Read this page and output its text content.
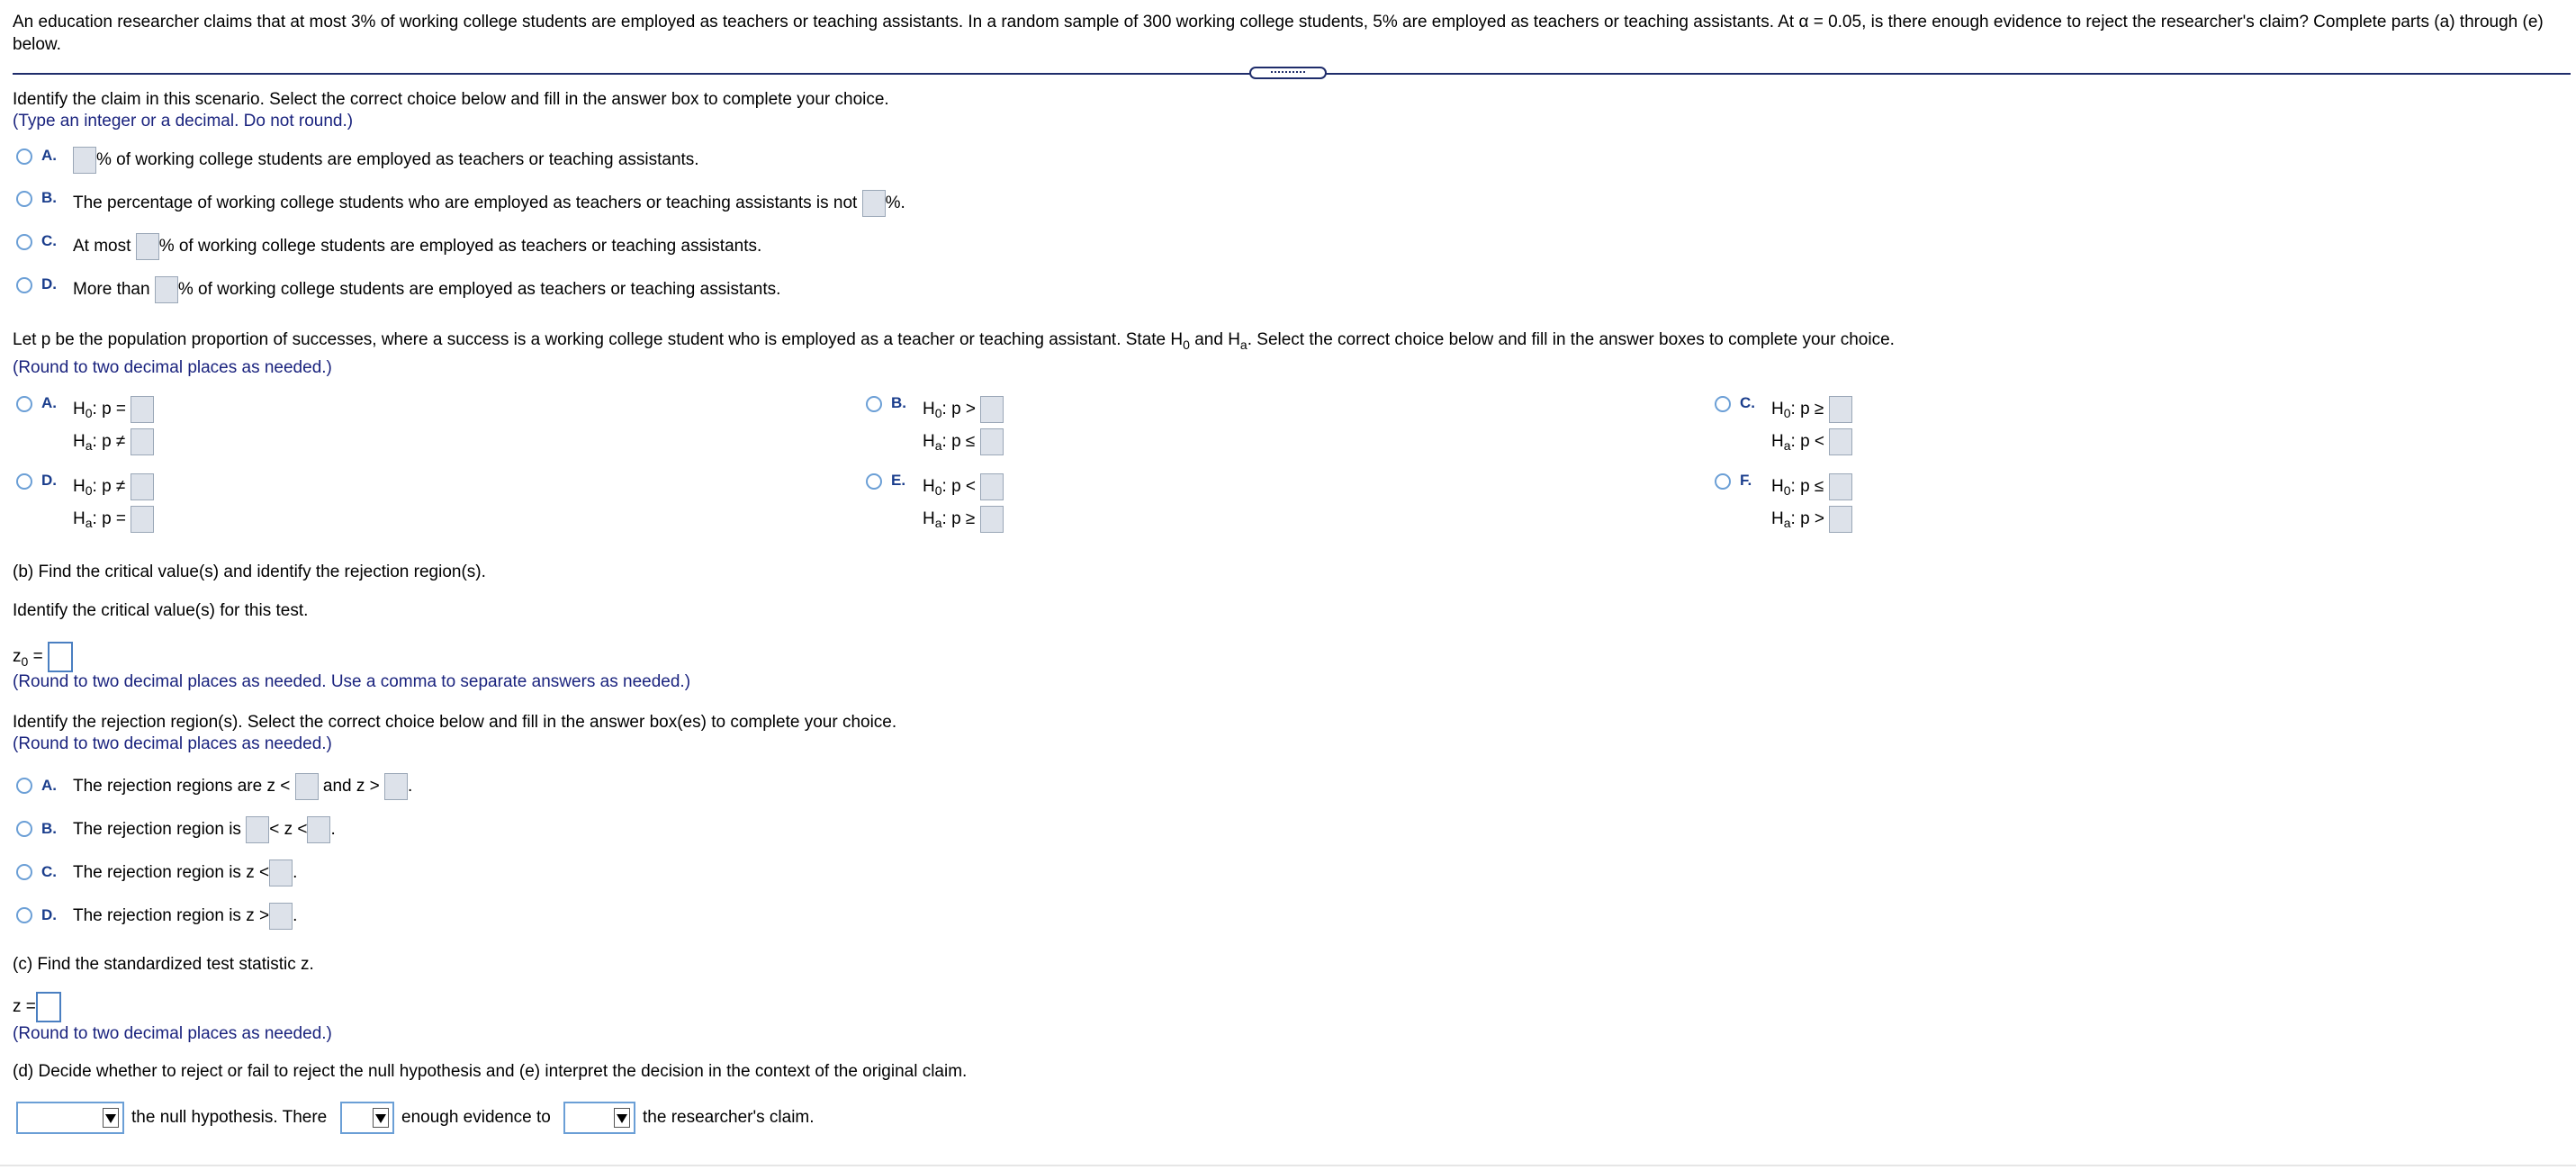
An education researcher claims that at most 3% of working college students are employed as teachers or teaching assistants. In a random sample of 300 working college students, 5% are employed as teachers or teaching assistants. At α = 0.05, is there enough evidence to reject the researcher's claim? Complete parts (a) through (e) below.
Identify the claim in this scenario. Select the correct choice below and fill in the answer box to complete your choice.
(Type an integer or a decimal. Do not round.)
A.	% of working college students are employed as teachers or teaching assistants.
B. The percentage of working college students who are employed as teachers or teaching assistants is not %.
C. At most % of working college students are employed as teachers or teaching assistants.
D. More than % of working college students are employed as teachers or teaching assistants.
Let p be the population proportion of successes, where a success is a working college student who is employed as a teacher or teaching assistant. State $H_0$ and $H_a$. Select the correct choice below and fill in the answer boxes to complete your choice.
(Round to two decimal places as needed.)
A. $H_0$: p =
$H_a$: p ≠
B. $H_0$: p >
$H_a$: p ≤
C. $H_0$: p ≥
$H_a$: p <
D. $H_0$: p ≠
$H_a$: p =
E. $H_0$: p <
$H_a$: p ≥
F. $H_0$: p ≤
$H_a$: p >
(b) Find the critical value(s) and identify the rejection region(s).
Identify the critical value(s) for this test.
$z_0$ =
(Round to two decimal places as needed. Use a comma to separate answers as needed.)
Identify the rejection region(s). Select the correct choice below and fill in the answer box(es) to complete your choice.
(Round to two decimal places as needed.)
A. The rejection regions are z < and z > .
B. The rejection region is < z < .
C. The rejection region is z < .
D. The rejection region is z > .
(c) Find the standardized test statistic z.
z =
(Round to two decimal places as needed.)
(d) Decide whether to reject or fail to reject the null hypothesis and (e) interpret the decision in the context of the original claim.
the null hypothesis. There	enough evidence to	the researcher's claim.
